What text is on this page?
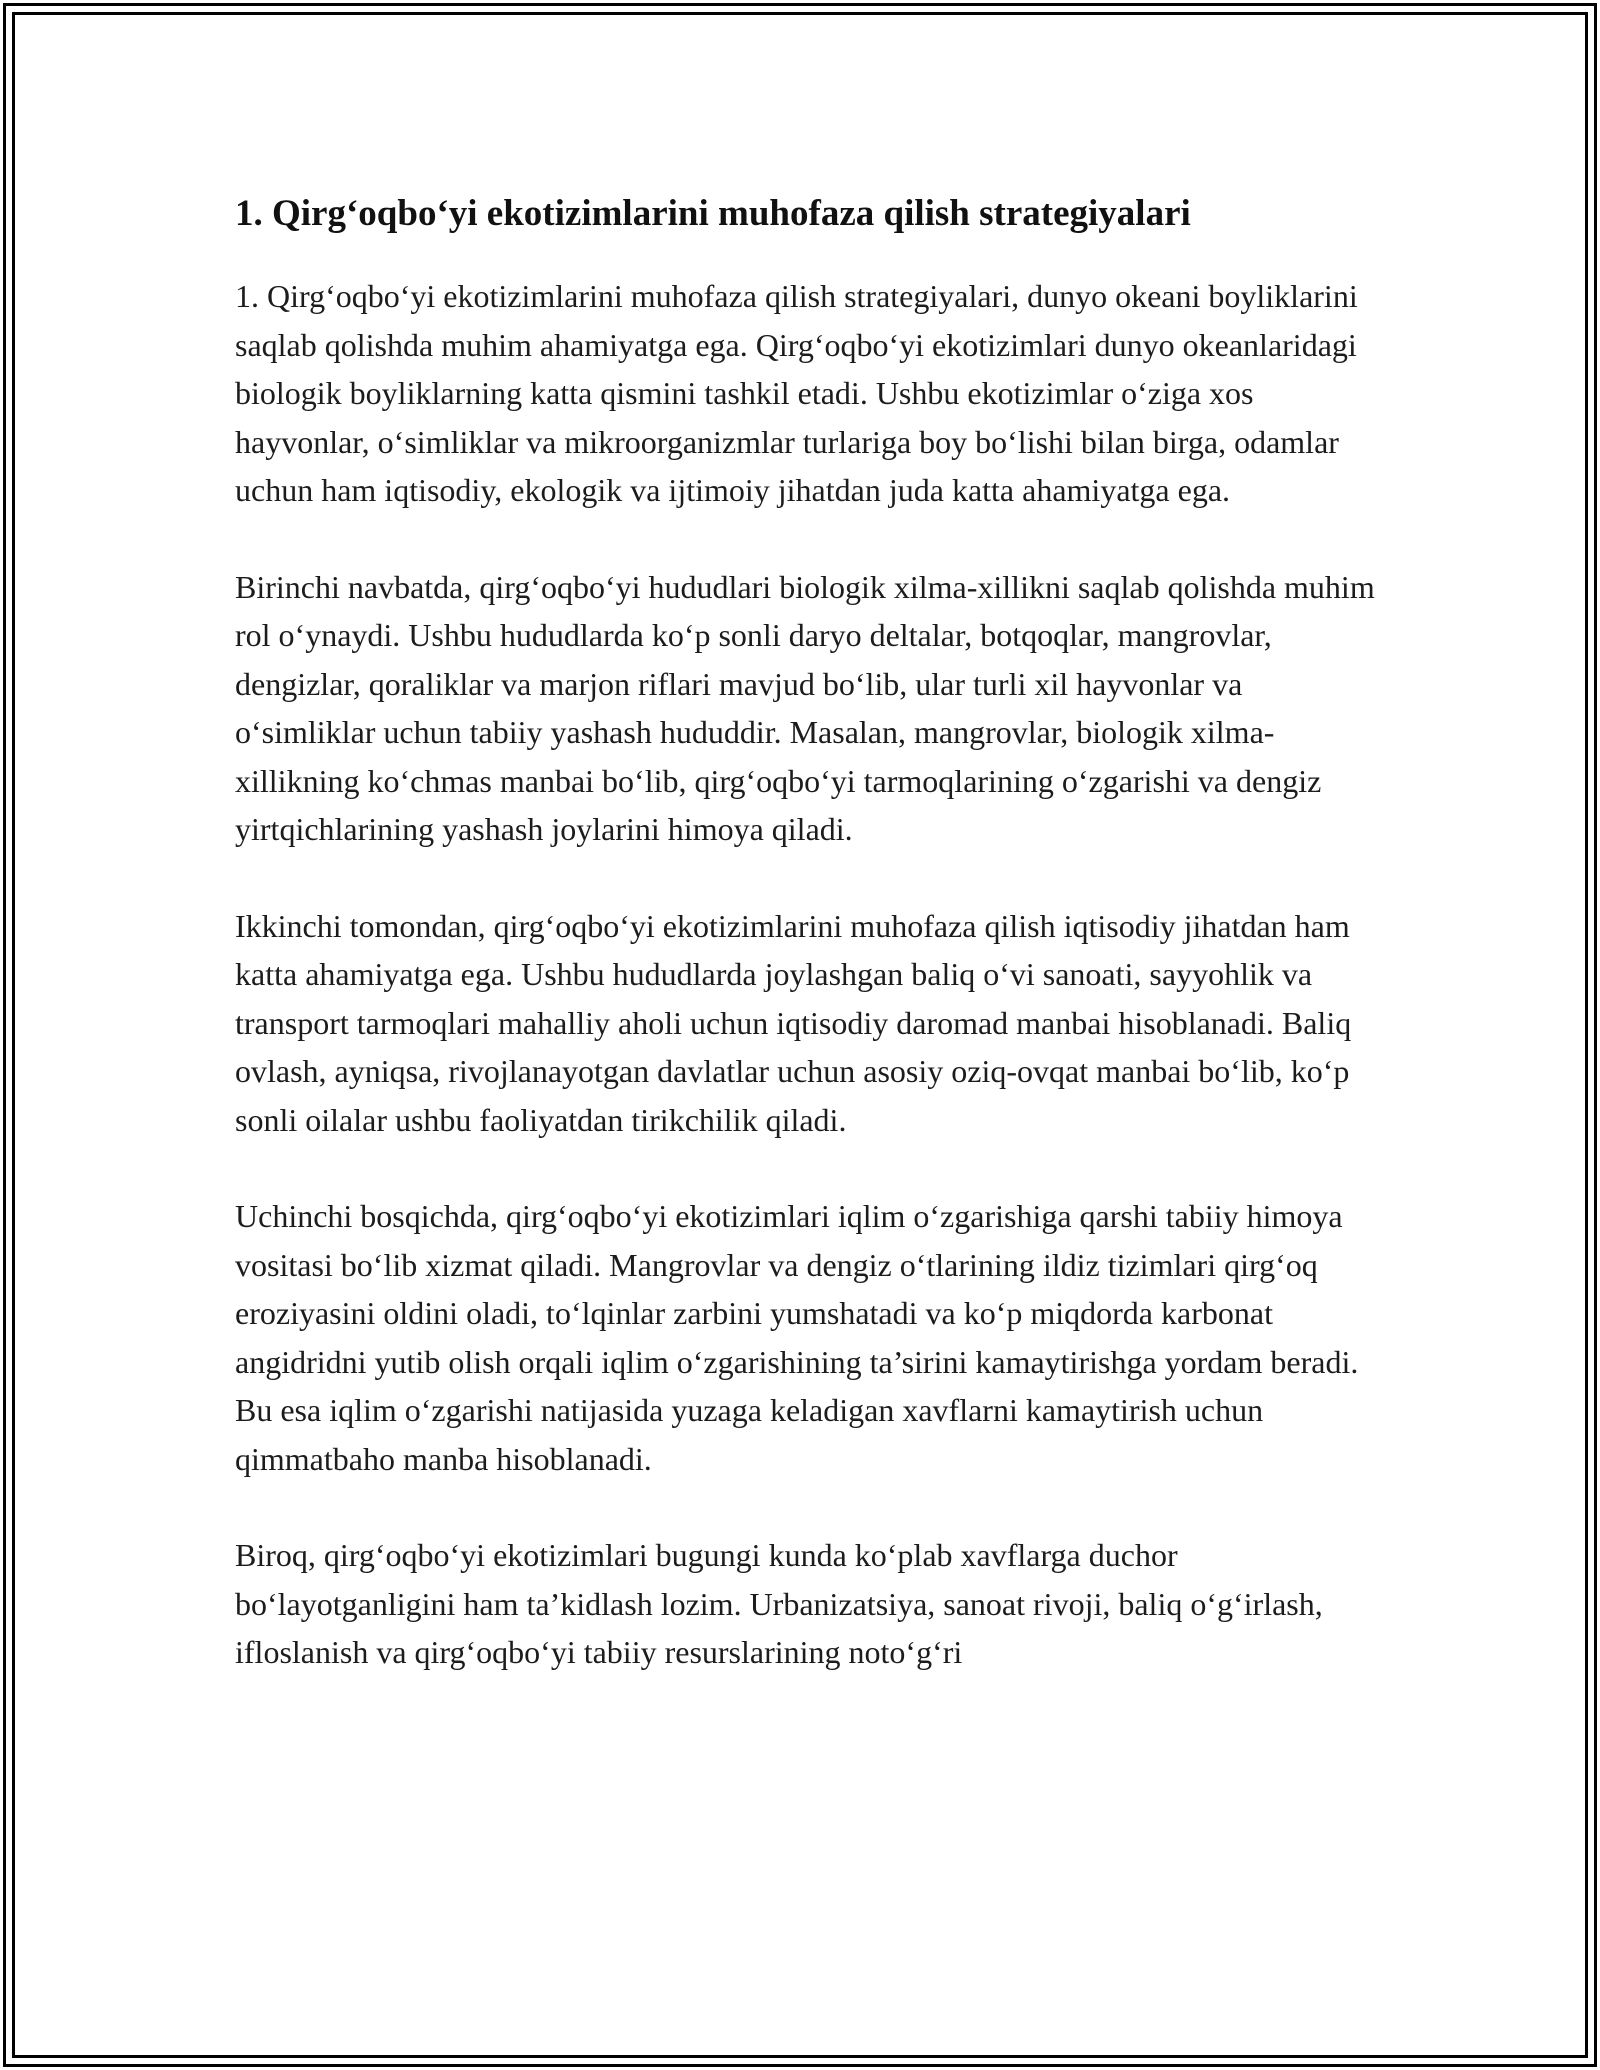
1. Qirg‘oqbo‘yi ekotizimlarini muhofaza qilish strategiyalari

1. Qirg‘oqbo‘yi ekotizimlarini muhofaza qilish strategiyalari, dunyo okeani boyliklarini saqlab qolishda muhim ahamiyatga ega. Qirg‘oqbo‘yi ekotizimlari dunyo okeanlaridagi biologik boyliklarning katta qismini tashkil etadi. Ushbu ekotizimlar o‘ziga xos hayvonlar, o‘simliklar va mikroorganizmlar turlariga boy bo‘lishi bilan birga, odamlar uchun ham iqtisodiy, ekologik va ijtimoiy jihatdan juda katta ahamiyatga ega.

Birinchi navbatda, qirg‘oqbo‘yi hududlari biologik xilma-xillikni saqlab qolishda muhim rol o‘ynaydi. Ushbu hududlarda ko‘p sonli daryo deltalar, botqoqlar, mangrovlar, dengizlar, qoraliklar va marjon riflari mavjud bo‘lib, ular turli xil hayvonlar va o‘simliklar uchun tabiiy yashash hududdir. Masalan, mangrovlar, biologik xilma-xillikning ko‘chmas manbai bo‘lib, qirg‘oqbo‘yi tarmoqlarining o‘zgarishi va dengiz yirtqichlarining yashash joylarini himoya qiladi.

Ikkinchi tomondan, qirg‘oqbo‘yi ekotizimlarini muhofaza qilish iqtisodiy jihatdan ham katta ahamiyatga ega. Ushbu hududlarda joylashgan baliq o‘vi sanoati, sayyohlik va transport tarmoqlari mahalliy aholi uchun iqtisodiy daromad manbai hisoblanadi. Baliq ovlash, ayniqsa, rivojlanayotgan davlatlar uchun asosiy oziq-ovqat manbai bo‘lib, ko‘p sonli oilalar ushbu faoliyatdan tirikchilik qiladi.

Uchinchi bosqichda, qirg‘oqbo‘yi ekotizimlari iqlim o‘zgarishiga qarshi tabiiy himoya vositasi bo‘lib xizmat qiladi. Mangrovlar va dengiz o‘tlarining ildiz tizimlari qirg‘oq eroziyasini oldini oladi, to‘lqinlar zarbini yumshatadi va ko‘p miqdorda karbonat angidridni yutib olish orqali iqlim o‘zgarishining ta’sirini kamaytirishga yordam beradi. Bu esa iqlim o‘zgarishi natijasida yuzaga keladigan xavflarni kamaytirish uchun qimmatbaho manba hisoblanadi.

Biroq, qirg‘oqbo‘yi ekotizimlari bugungi kunda ko‘plab xavflarga duchor bo‘layotganligini ham ta’kidlash lozim. Urbanizatsiya, sanoat rivoji, baliq o‘g‘irlash, ifloslanish va qirg‘oqbo‘yi tabiiy resurslarining noto‘g‘ri
